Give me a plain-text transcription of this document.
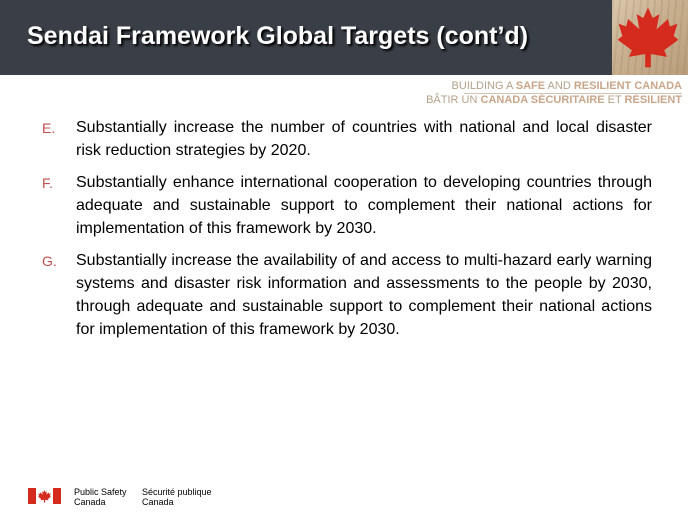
Sendai Framework Global Targets (cont’d)
BUILDING A SAFE AND RESILIENT CANADA
BÂTIR UN CANADA SÉCURITAIRE ET RÉSILIENT
E.	Substantially increase the number of countries with national and local disaster risk reduction strategies by 2020.
F.	Substantially enhance international cooperation to developing countries through adequate and sustainable support to complement their national actions for implementation of this framework by 2030.
G.	Substantially increase the availability of and access to multi-hazard early warning systems and disaster risk information and assessments to the people by 2030, through adequate and sustainable support to complement their national actions for implementation of this framework by 2030.
Public Safety
Canada
Sécurité publique
Canada
